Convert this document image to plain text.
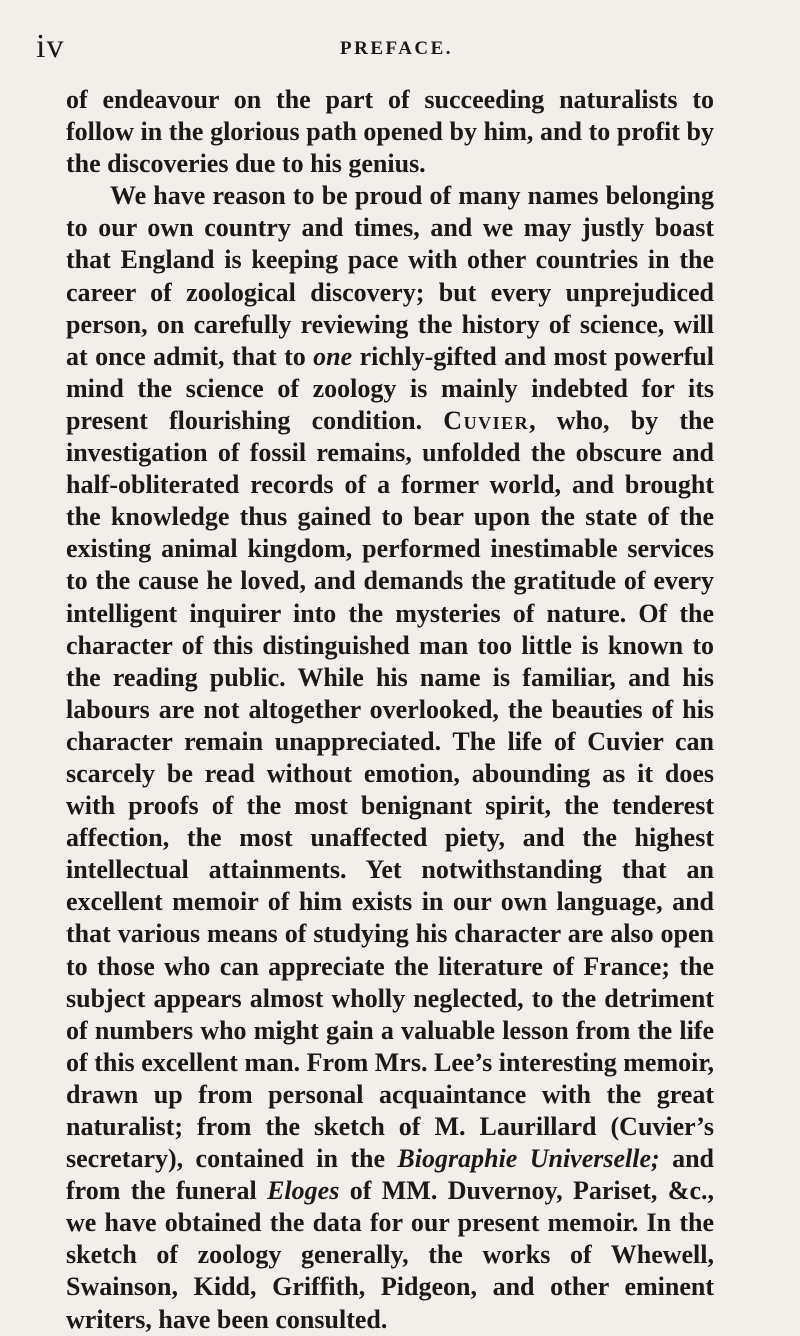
iv	PREFACE.

of endeavour on the part of succeeding naturalists to follow in the glorious path opened by him, and to profit by the discoveries due to his genius.

We have reason to be proud of many names belonging to our own country and times, and we may justly boast that England is keeping pace with other countries in the career of zoological discovery; but every unprejudiced person, on carefully reviewing the history of science, will at once admit, that to one richly-gifted and most powerful mind the science of zoology is mainly indebted for its present flourishing condition. Cuvier, who, by the investigation of fossil remains, unfolded the obscure and half-obliterated records of a former world, and brought the knowledge thus gained to bear upon the state of the existing animal kingdom, performed inestimable services to the cause he loved, and demands the gratitude of every intelligent inquirer into the mysteries of nature. Of the character of this distinguished man too little is known to the reading public. While his name is familiar, and his labours are not altogether overlooked, the beauties of his character remain unappreciated. The life of Cuvier can scarcely be read without emotion, abounding as it does with proofs of the most benignant spirit, the tenderest affection, the most unaffected piety, and the highest intellectual attainments. Yet notwithstanding that an excellent memoir of him exists in our own language, and that various means of studying his character are also open to those who can appreciate the literature of France; the subject appears almost wholly neglected, to the detriment of numbers who might gain a valuable lesson from the life of this excellent man. From Mrs. Lee’s interesting memoir, drawn up from personal acquaintance with the great naturalist; from the sketch of M. Laurillard (Cuvier’s secretary), contained in the Biographie Universelle; and from the funeral Eloges of MM. Duvernoy, Pariset, &c., we have obtained the data for our present memoir. In the sketch of zoology generally, the works of Whewell, Swainson, Kidd, Griffith, Pidgeon, and other eminent writers, have been consulted.
